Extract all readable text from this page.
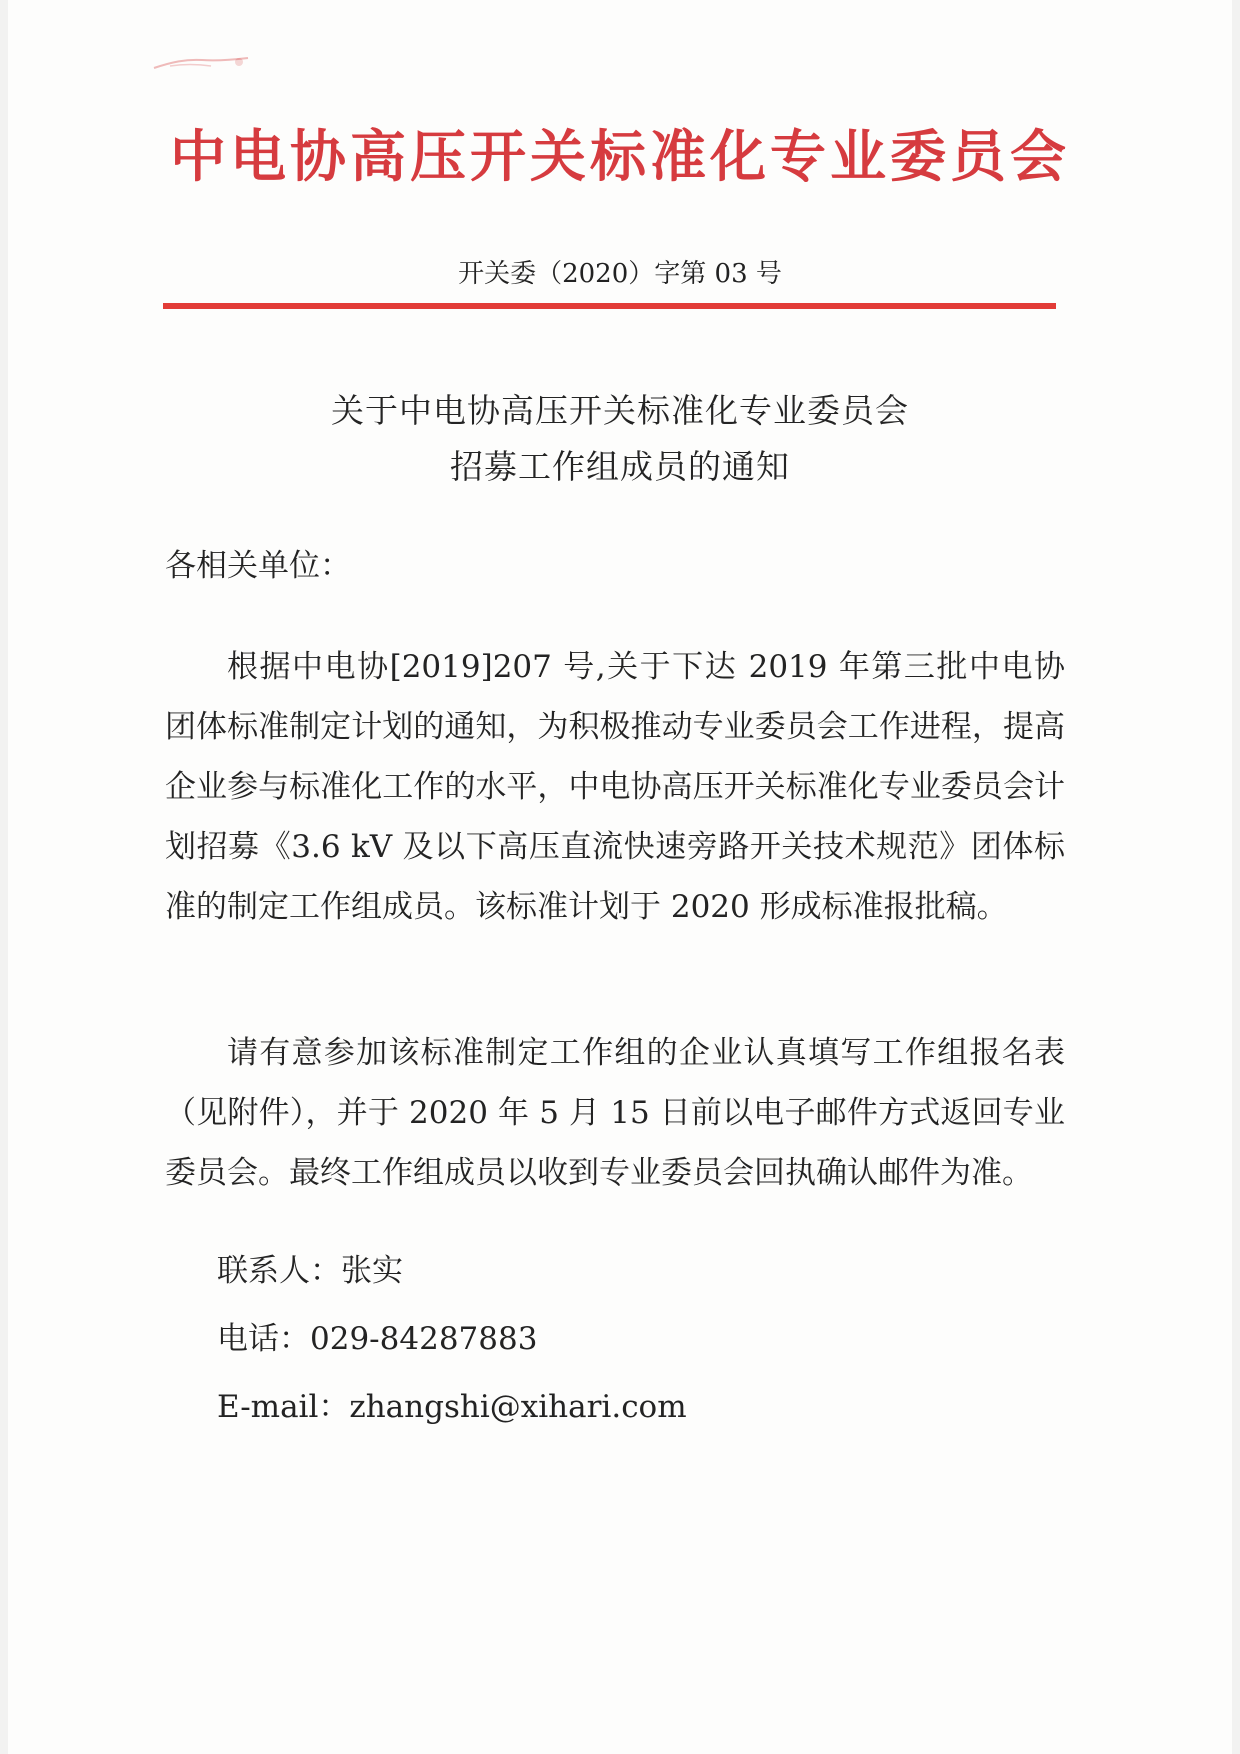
中电协高压开关标准化专业委员会
开关委（2020）字第 03 号
关于中电协高压开关标准化专业委员会
招募工作组成员的通知
各相关单位：

根据中电协[2019]207 号,关于下达 2019 年第三批中电协团体标准制定计划的通知，为积极推动专业委员会工作进程，提高企业参与标准化工作的水平，中电协高压开关标准化专业委员会计划招募《3.6 kV 及以下高压直流快速旁路开关技术规范》团体标准的制定工作组成员。该标准计划于 2020 形成标准报批稿。

请有意参加该标准制定工作组的企业认真填写工作组报名表（见附件），并于 2020 年 5 月 15 日前以电子邮件方式返回专业委员会。最终工作组成员以收到专业委员会回执确认邮件为准。

联系人：张实
电话：029-84287883
E-mail：zhangshi@xihari.com
